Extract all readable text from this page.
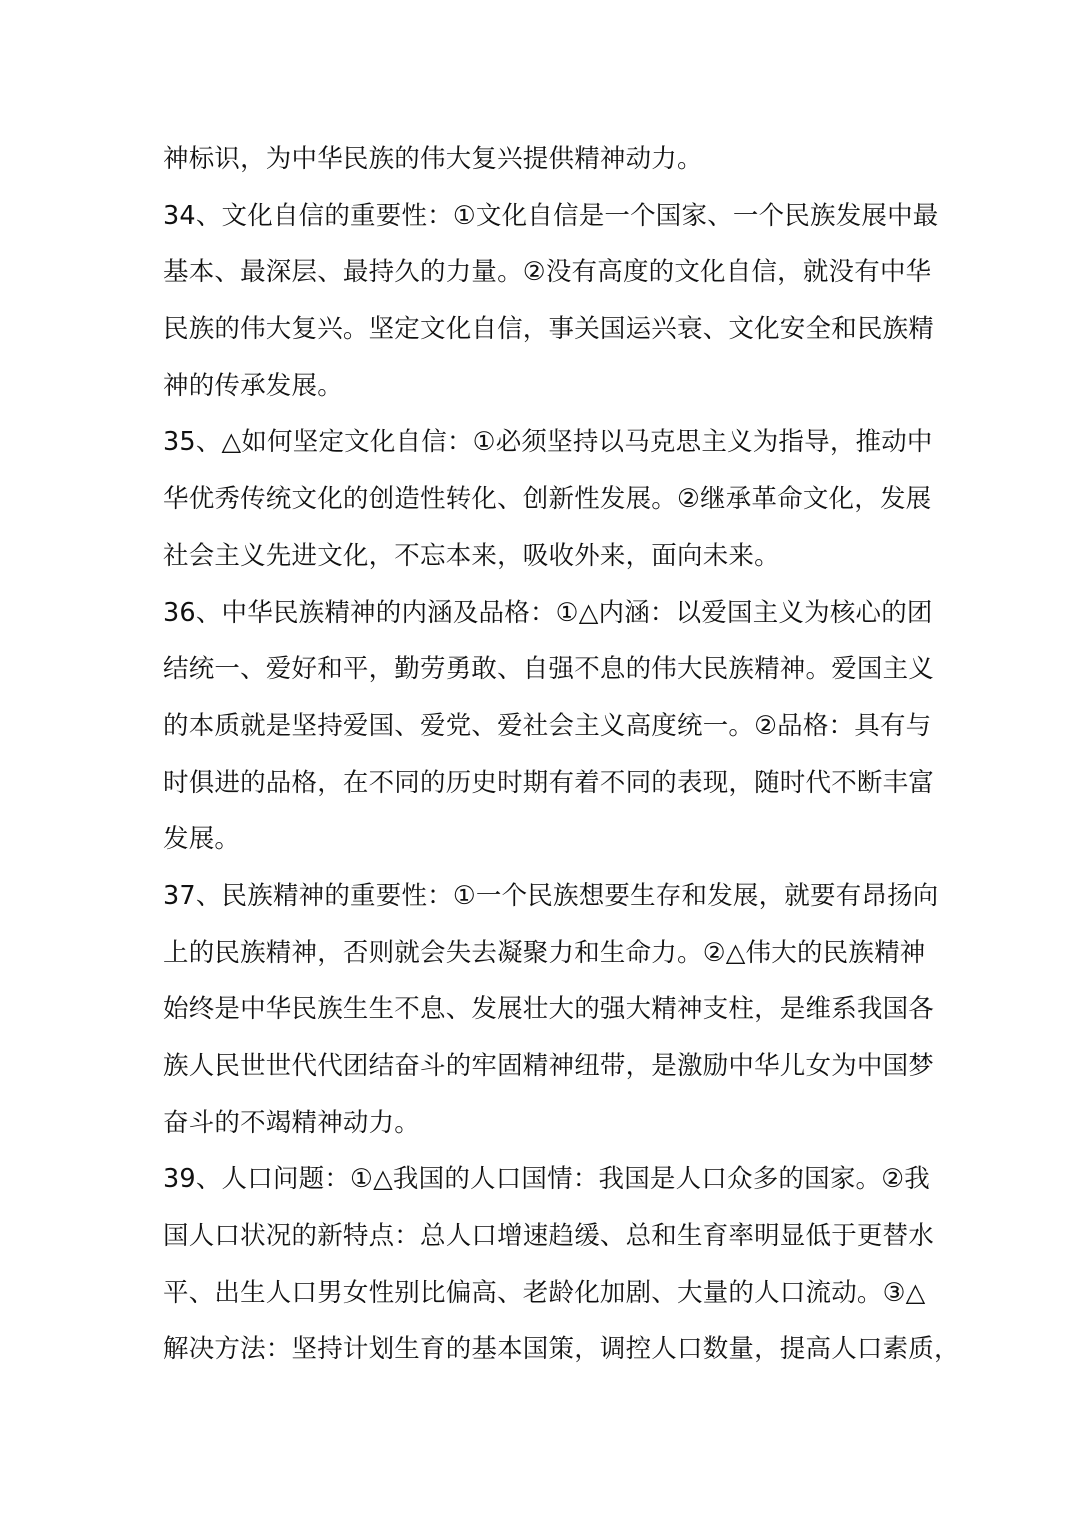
神标识，为中华民族的伟大复兴提供精神动力。
34、文化自信的重要性：①文化自信是一个国家、一个民族发展中最
基本、最深层、最持久的力量。②没有高度的文化自信，就没有中华
民族的伟大复兴。坚定文化自信，事关国运兴衰、文化安全和民族精
神的传承发展。
35、△如何坚定文化自信：①必须坚持以马克思主义为指导，推动中
华优秀传统文化的创造性转化、创新性发展。②继承革命文化，发展
社会主义先进文化，不忘本来，吸收外来，面向未来。
36、中华民族精神的内涵及品格：①△内涵：以爱国主义为核心的团
结统一、爱好和平，勤劳勇敢、自强不息的伟大民族精神。爱国主义
的本质就是坚持爱国、爱党、爱社会主义高度统一。②品格：具有与
时俱进的品格，在不同的历史时期有着不同的表现，随时代不断丰富
发展。
37、民族精神的重要性：①一个民族想要生存和发展，就要有昂扬向
上的民族精神，否则就会失去凝聚力和生命力。②△伟大的民族精神
始终是中华民族生生不息、发展壮大的强大精神支柱，是维系我国各
族人民世世代代团结奋斗的牢固精神纽带，是激励中华儿女为中国梦
奋斗的不竭精神动力。
39、人口问题：①△我国的人口国情：我国是人口众多的国家。②我
国人口状况的新特点：总人口增速趋缓、总和生育率明显低于更替水
平、出生人口男女性别比偏高、老龄化加剧、大量的人口流动。③△
解决方法：坚持计划生育的基本国策，调控人口数量，提高人口素质，
